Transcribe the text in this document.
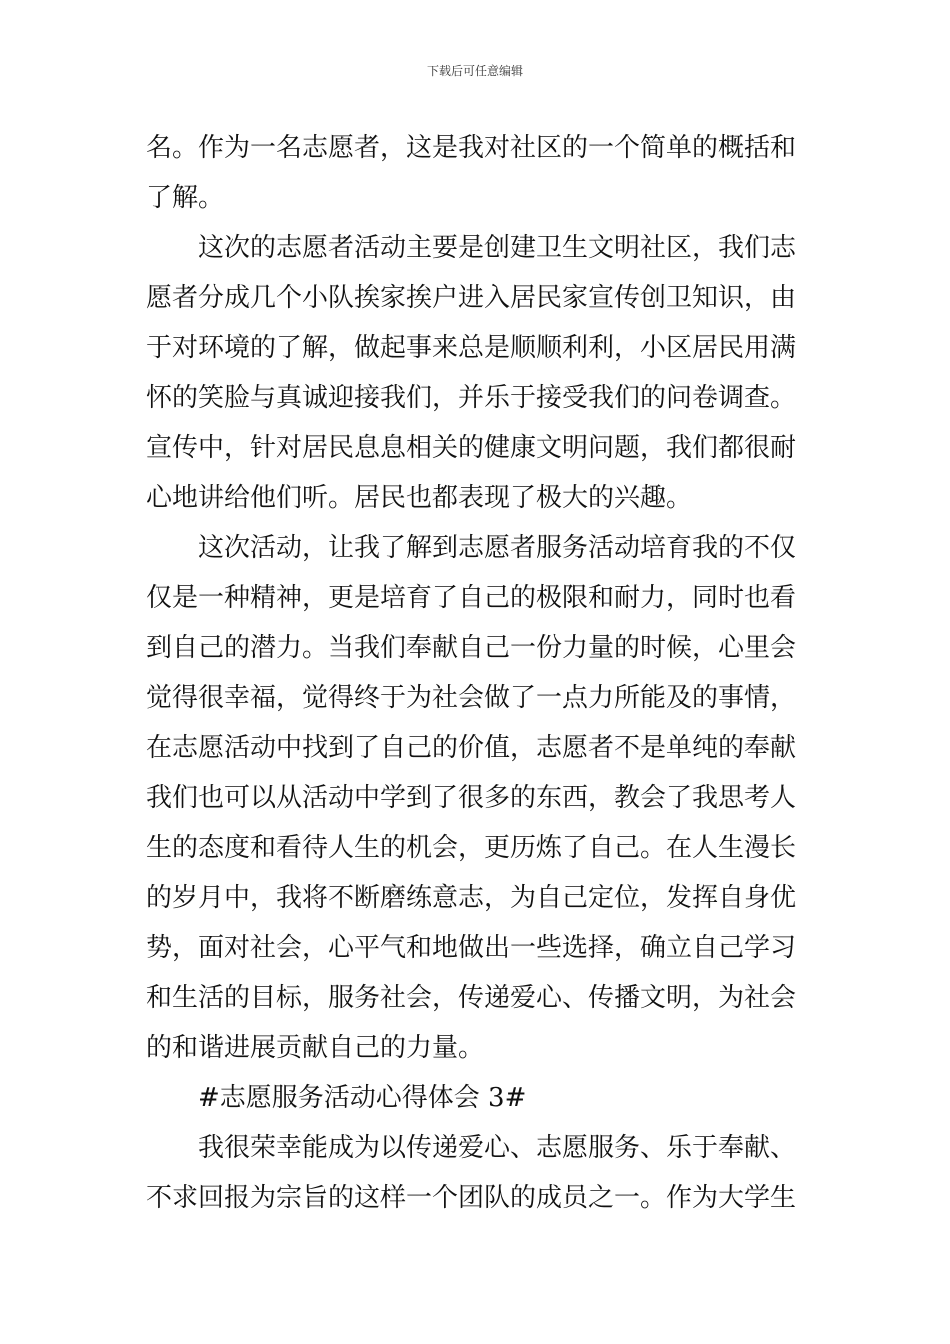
下载后可任意编辑
名。作为一名志愿者，这是我对社区的一个简单的概括和
了解。
这次的志愿者活动主要是创建卫生文明社区，我们志
愿者分成几个小队挨家挨户进入居民家宣传创卫知识，由
于对环境的了解，做起事来总是顺顺利利，小区居民用满
怀的笑脸与真诚迎接我们，并乐于接受我们的问卷调查。
宣传中，针对居民息息相关的健康文明问题，我们都很耐
心地讲给他们听。居民也都表现了极大的兴趣。
这次活动，让我了解到志愿者服务活动培育我的不仅
仅是一种精神，更是培育了自己的极限和耐力，同时也看
到自己的潜力。当我们奉献自己一份力量的时候，心里会
觉得很幸福，觉得终于为社会做了一点力所能及的事情，
在志愿活动中找到了自己的价值，志愿者不是单纯的奉献
我们也可以从活动中学到了很多的东西，教会了我思考人
生的态度和看待人生的机会，更历炼了自己。在人生漫长
的岁月中，我将不断磨练意志，为自己定位，发挥自身优
势，面对社会，心平气和地做出一些选择，确立自己学习
和生活的目标，服务社会，传递爱心、传播文明，为社会
的和谐进展贡献自己的力量。
#志愿服务活动心得体会 3#
我很荣幸能成为以传递爱心、志愿服务、乐于奉献、
不求回报为宗旨的这样一个团队的成员之一。作为大学生
